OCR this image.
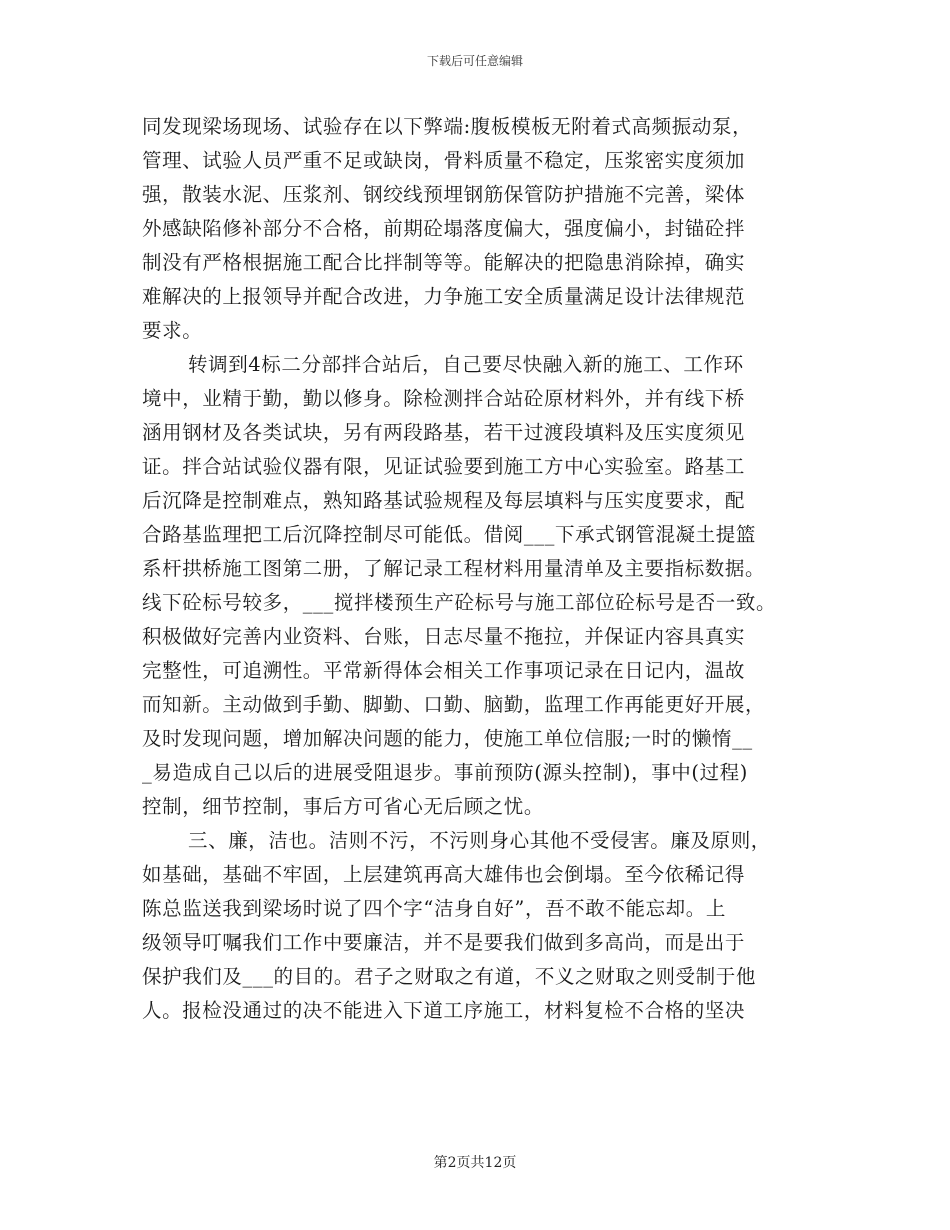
下载后可任意编辑
同发现梁场现场、试验存在以下弊端:腹板模板无附着式高频振动泵，
管理、试验人员严重不足或缺岗，骨料质量不稳定，压浆密实度须加
强，散装水泥、压浆剂、钢绞线预埋钢筋保管防护措施不完善，梁体
外感缺陷修补部分不合格，前期砼塌落度偏大，强度偏小，封锚砼拌
制没有严格根据施工配合比拌制等等。能解决的把隐患消除掉，确实
难解决的上报领导并配合改进，力争施工安全质量满足设计法律规范
要求。
转调到4标二分部拌合站后，自己要尽快融入新的施工、工作环
境中，业精于勤，勤以修身。除检测拌合站砼原材料外，并有线下桥
涵用钢材及各类试块，另有两段路基，若干过渡段填料及压实度须见
证。拌合站试验仪器有限，见证试验要到施工方中心实验室。路基工
后沉降是控制难点，熟知路基试验规程及每层填料与压实度要求，配
合路基监理把工后沉降控制尽可能低。借阅___下承式钢管混凝土提篮
系杆拱桥施工图第二册，了解记录工程材料用量清单及主要指标数据。
线下砼标号较多，___搅拌楼预生产砼标号与施工部位砼标号是否一致。
积极做好完善内业资料、台账，日志尽量不拖拉，并保证内容具真实
完整性，可追溯性。平常新得体会相关工作事项记录在日记内，温故
而知新。主动做到手勤、脚勤、口勤、脑勤，监理工作再能更好开展，
及时发现问题，增加解决问题的能力，使施工单位信服;一时的懒惰__
_易造成自己以后的进展受阻退步。事前预防(源头控制)，事中(过程)
控制，细节控制，事后方可省心无后顾之忧。
三、廉，洁也。洁则不污，不污则身心其他不受侵害。廉及原则，
如基础，基础不牢固，上层建筑再高大雄伟也会倒塌。至今依稀记得
陈总监送我到梁场时说了四个字“洁身自好”，吾不敢不能忘却。上
级领导叮嘱我们工作中要廉洁，并不是要我们做到多高尚，而是出于
保护我们及___的目的。君子之财取之有道，不义之财取之则受制于他
人。报检没通过的决不能进入下道工序施工，材料复检不合格的坚决
第2页共12页
